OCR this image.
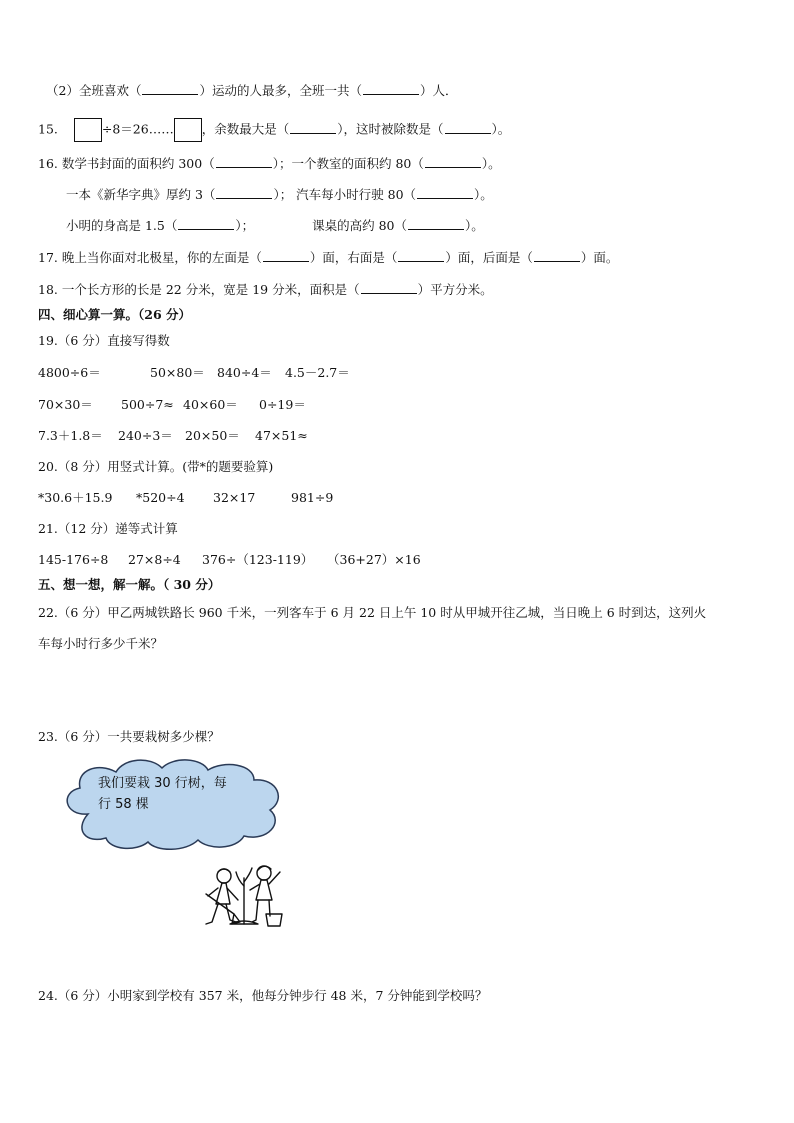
（2）全班喜欢（	）运动的人最多，全班一共（	）人．
15.	÷8＝26…… ，余数最大是（	），这时被除数是（	）。
16. 数学书封面的面积约 300（	）；一个教室的面积约 80（	）。
一本《新华字典》厚约 3（	）； 汽车每小时行驶 80（	）。
小明的身高是 1.5（	）；	课桌的高约 80（	）。
17. 晚上当你面对北极星，你的左面是（	）面，右面是（	）面，后面是（	）面。
18. 一个长方形的长是 22 分米，宽是 19 分米，面积是（	）平方分米。
四、细心算一算。（26 分）
19.（6 分）直接写得数
4800÷6＝	50×80＝ 840÷4＝ 4.5－2.7＝
70×30＝ 500÷7≈ 40×60＝ 0÷19＝
7.3＋1.8＝ 240÷3＝ 20×50＝ 47×51≈
20.（8 分）用竖式计算。(带*的题要验算)
*30.6＋15.9 *520÷4 32×17	981÷9
21.（12 分）递等式计算
145-176÷8 27×8÷4 376÷（123-119） （36+27）×16
五、想一想，解一解。（ 30 分）
22.（6 分）甲乙两城铁路长 960 千米，一列客车于 6 月 22 日上午 10 时从甲城开往乙城，当日晚上 6 时到达，这列火
车每小时行多少千米？
23.（6 分）一共要栽树多少棵？
我们要栽 30 行树，每
行 58 棵
24.（6 分）小明家到学校有 357 米，他每分钟步行 48 米，7 分钟能到学校吗？
